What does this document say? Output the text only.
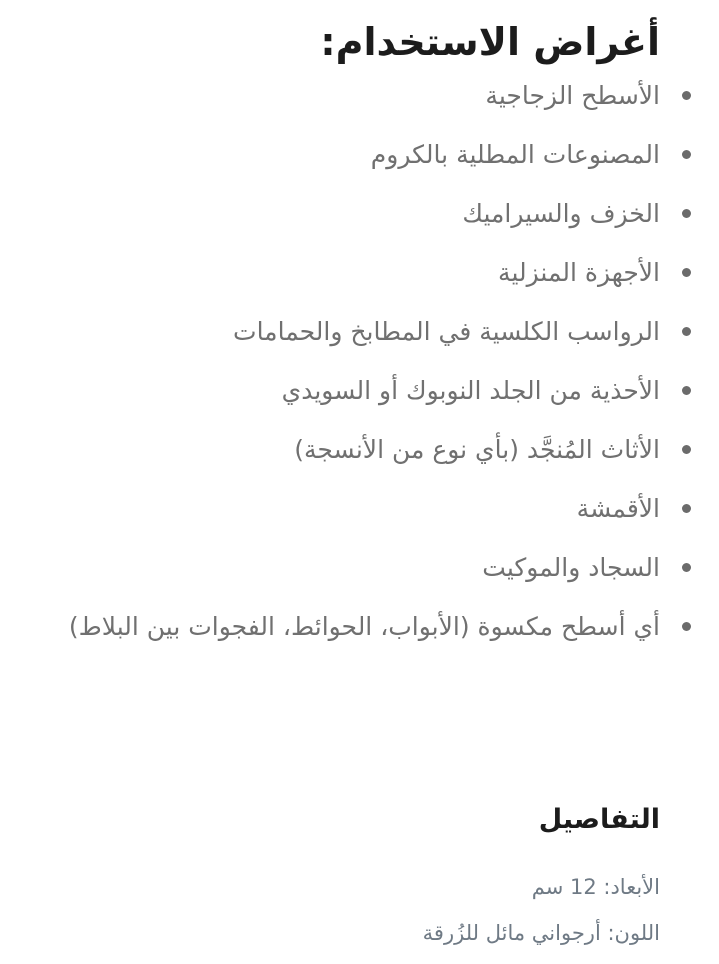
أغراض الاستخدام:
الأسطح الزجاجية
المصنوعات المطلية بالكروم
الخزف والسيراميك
الأجهزة المنزلية
الرواسب الكلسية في المطابخ والحمامات
الأحذية من الجلد النوبوك أو السويدي
الأثاث المُنجَّد (بأي نوع من الأنسجة)
الأقمشة
السجاد والموكيت
أي أسطح مكسوة (الأبواب، الحوائط، الفجوات بين البلاط)
التفاصيل
الأبعاد: 12 سم
اللون: أرجواني مائل للزُرقة
